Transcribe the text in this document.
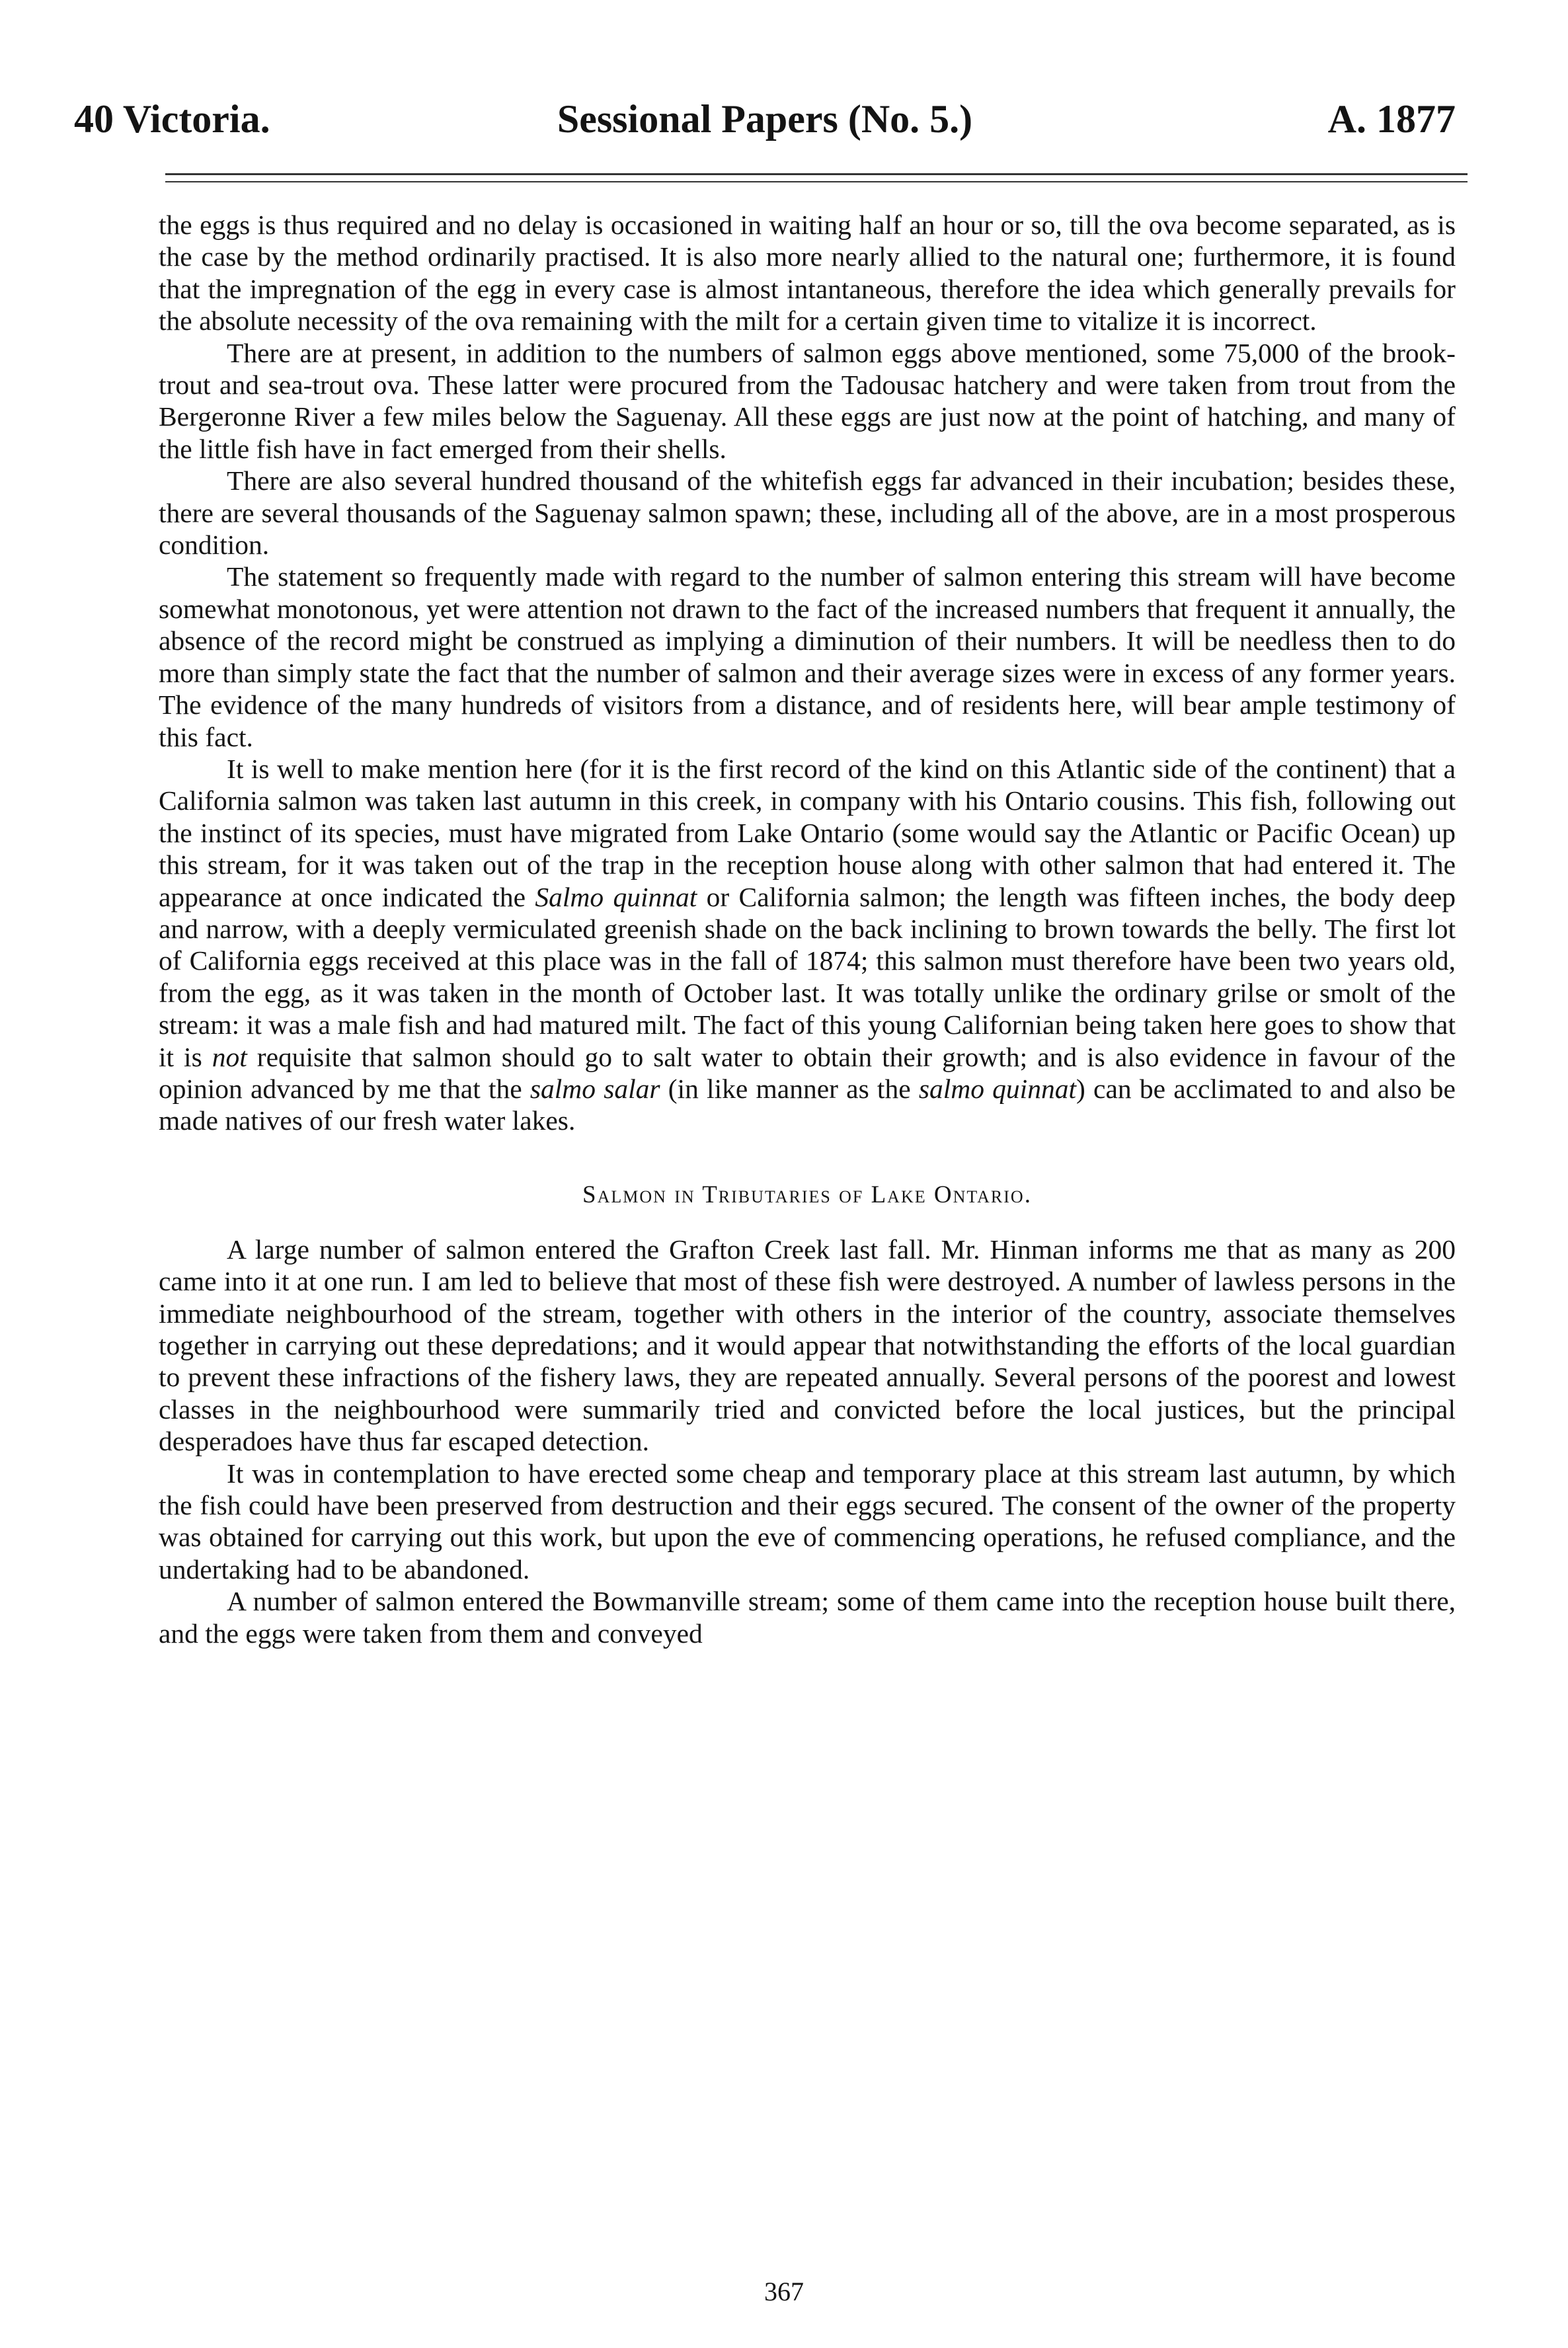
40 Victoria.	Sessional Papers (No. 5.)	A. 1877

the eggs is thus required and no delay is occasioned in waiting half an hour or so, till the ova become separated, as is the case by the method ordinarily practised. It is also more nearly allied to the natural one; furthermore, it is found that the impregnation of the egg in every case is almost intantaneous, therefore the idea which generally prevails for the absolute necessity of the ova remaining with the milt for a certain given time to vitalize it is incorrect.

There are at present, in addition to the numbers of salmon eggs above mentioned, some 75,000 of the brook-trout and sea-trout ova. These latter were procured from the Tadousac hatchery and were taken from trout from the Bergeronne River a few miles below the Saguenay. All these eggs are just now at the point of hatching, and many of the little fish have in fact emerged from their shells.

There are also several hundred thousand of the whitefish eggs far advanced in their incubation; besides these, there are several thousands of the Saguenay salmon spawn; these, including all of the above, are in a most prosperous condition.

The statement so frequently made with regard to the number of salmon entering this stream will have become somewhat monotonous, yet were attention not drawn to the fact of the increased numbers that frequent it annually, the absence of the record might be construed as implying a diminution of their numbers. It will be needless then to do more than simply state the fact that the number of salmon and their average sizes were in excess of any former years. The evidence of the many hundreds of visitors from a distance, and of residents here, will bear ample testimony of this fact.

It is well to make mention here (for it is the first record of the kind on this Atlantic side of the continent) that a California salmon was taken last autumn in this creek, in company with his Ontario cousins. This fish, following out the instinct of its species, must have migrated from Lake Ontario (some would say the Atlantic or Pacific Ocean) up this stream, for it was taken out of the trap in the reception house along with other salmon that had entered it. The appearance at once indicated the Salmo quinnat or California salmon; the length was fifteen inches, the body deep and narrow, with a deeply vermiculated greenish shade on the back inclining to brown towards the belly. The first lot of California eggs received at this place was in the fall of 1874; this salmon must therefore have been two years old, from the egg, as it was taken in the month of October last. It was totally unlike the ordinary grilse or smolt of the stream: it was a male fish and had matured milt. The fact of this young Californian being taken here goes to show that it is not requisite that salmon should go to salt water to obtain their growth; and is also evidence in favour of the opinion advanced by me that the salmo salar (in like manner as the salmo quinnat) can be acclimated to and also be made natives of our fresh water lakes.

Salmon in Tributaries of Lake Ontario.

A large number of salmon entered the Grafton Creek last fall. Mr. Hinman informs me that as many as 200 came into it at one run. I am led to believe that most of these fish were destroyed. A number of lawless persons in the immediate neighbourhood of the stream, together with others in the interior of the country, associate themselves together in carrying out these depredations; and it would appear that notwithstanding the efforts of the local guardian to prevent these infractions of the fishery laws, they are repeated annually. Several persons of the poorest and lowest classes in the neighbourhood were summarily tried and convicted before the local justices, but the principal desperadoes have thus far escaped detection.

It was in contemplation to have erected some cheap and temporary place at this stream last autumn, by which the fish could have been preserved from destruction and their eggs secured. The consent of the owner of the property was obtained for carrying out this work, but upon the eve of commencing operations, he refused compliance, and the undertaking had to be abandoned.

A number of salmon entered the Bowmanville stream; some of them came into the reception house built there, and the eggs were taken from them and conveyed

367
